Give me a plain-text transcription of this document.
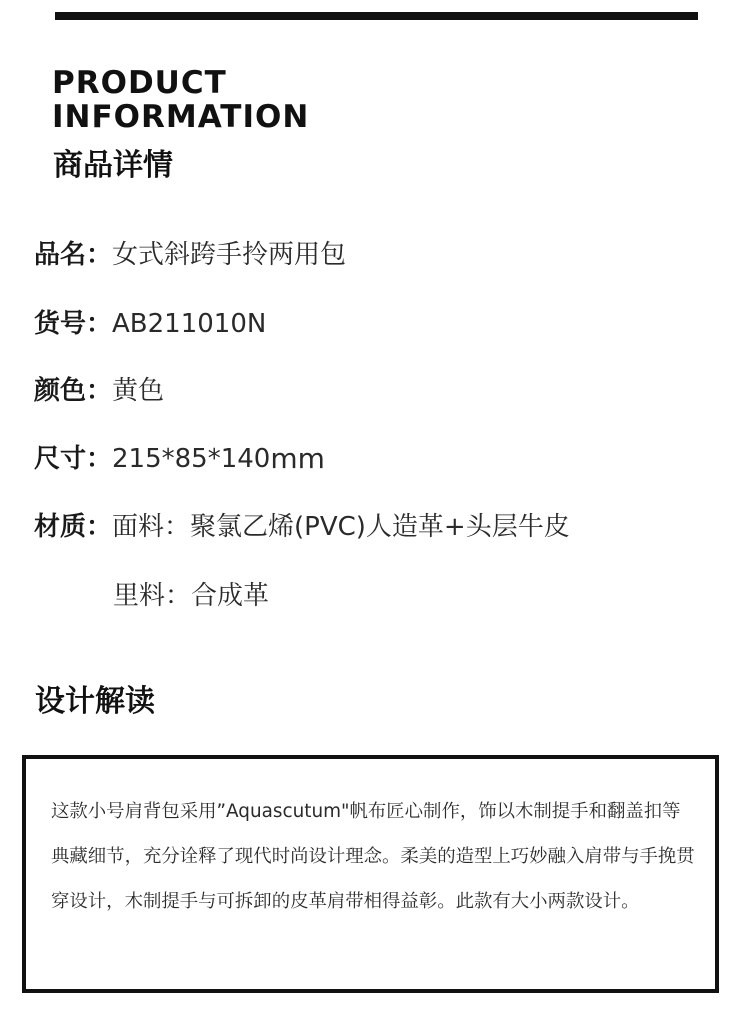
PRODUCT
INFORMATION
商品详情
品名： 女式斜跨手拎两用包
货号： AB211010N
颜色： 黄色
尺寸： 215*85*140 mm
材质： 面料：聚氯乙烯(PVC)人造革+头层牛皮
里料：合成革
设计解读

这款小号肩背包采用”Aquascutum"帆布匠心制作，饰以木制提手和翻盖扣等典藏细节，充分诠释了现代时尚设计理念。柔美的造型上巧妙融入肩带与手挽贯穿设计，木制提手与可拆卸的皮革肩带相得益彰。此款有大小两款设计。
